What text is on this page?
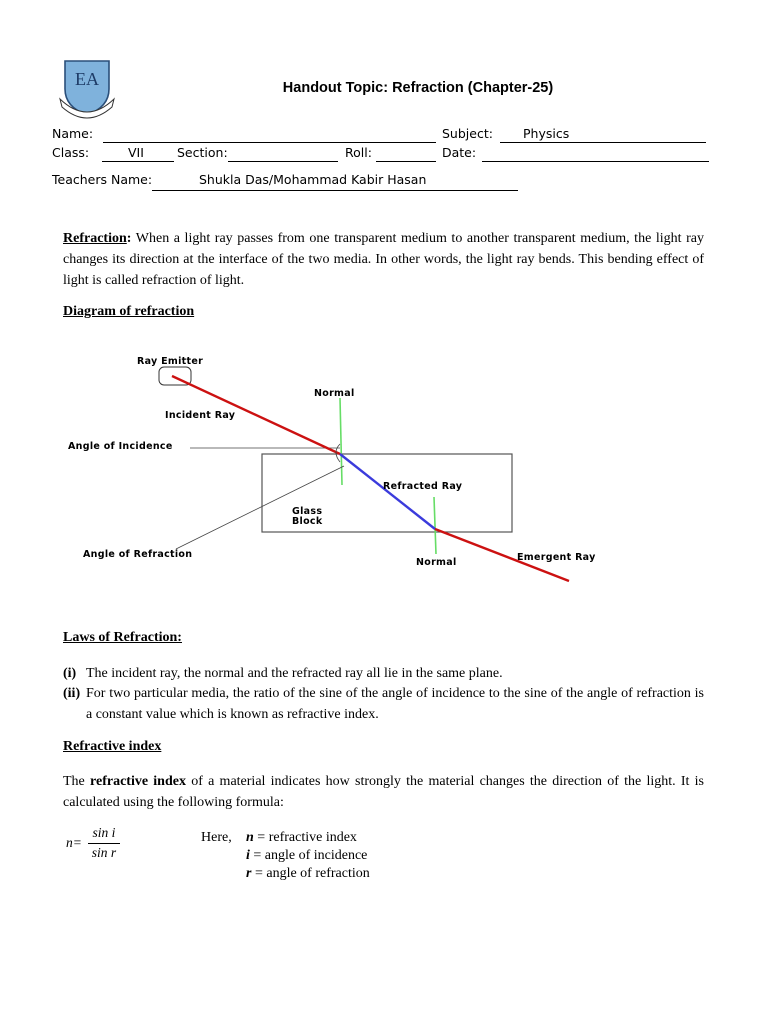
EA	Handout Topic: Refraction (Chapter-25)
Name:	Subject: Physics
Class:	VII	Section:	Roll:	Date:
Teachers Name:	Shukla Das/Mohammad Kabir Hasan
Refraction: When a light ray passes from one transparent medium to another transparent medium, the light ray changes its direction at the interface of the two media. In other words, the light ray bends. This bending effect of light is called refraction of light.
Diagram of refraction
Ray Emitter
Normal
Incident Ray
Angle of Incidence
Refracted Ray
Glass
Block
Angle of Refraction
Normal	Emergent Ray
Laws of Refraction:
(i) The incident ray, the normal and the refracted ray all lie in the same plane.
(ii) For two particular media, the ratio of the sine of the angle of incidence to the sine of the angle of refraction is a constant value which is known as refractive index.
Refractive index
The refractive index of a material indicates how strongly the material changes the direction of the light. It is calculated using the following formula:
n=
sin i
sin r
Here, n = refractive index
i = angle of incidence
r = angle of refraction
